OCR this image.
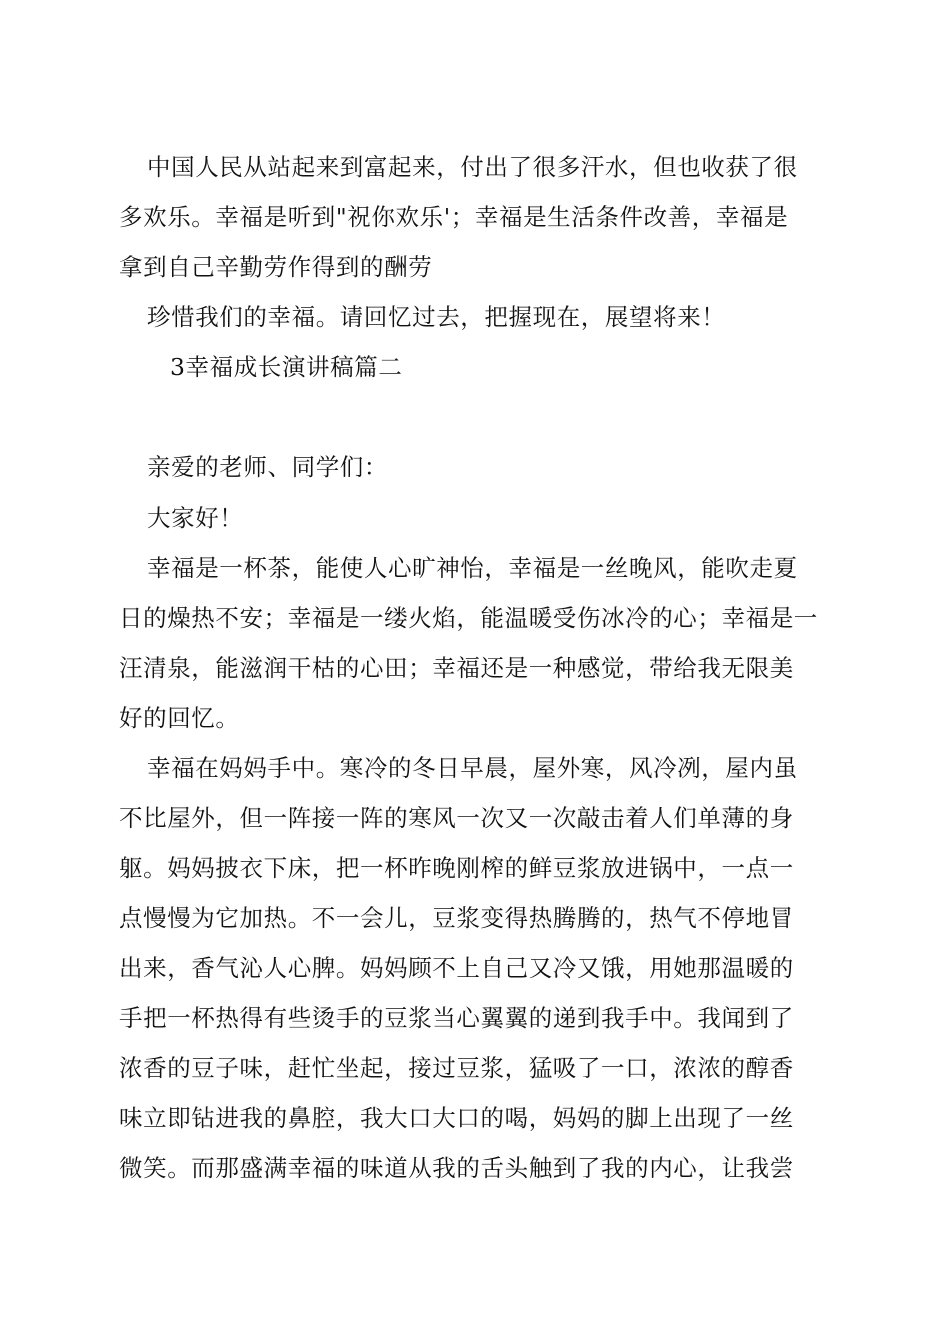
中国人民从站起来到富起来，付出了很多汗水，但也收获了很
多欢乐。幸福是听到"祝你欢乐'；幸福是生活条件改善，幸福是
拿到自己辛勤劳作得到的酬劳
珍惜我们的幸福。请回忆过去，把握现在，展望将来！
3幸福成长演讲稿篇二
亲爱的老师、同学们：
大家好！
幸福是一杯茶，能使人心旷神怡，幸福是一丝晚风，能吹走夏
日的燥热不安；幸福是一缕火焰，能温暖受伤冰冷的心；幸福是一
汪清泉，能滋润干枯的心田；幸福还是一种感觉，带给我无限美
好的回忆。
幸福在妈妈手中。寒冷的冬日早晨，屋外寒，风冷冽，屋内虽
不比屋外，但一阵接一阵的寒风一次又一次敲击着人们单薄的身
躯。妈妈披衣下床，把一杯昨晚刚榨的鲜豆浆放进锅中，一点一
点慢慢为它加热。不一会儿，豆浆变得热腾腾的，热气不停地冒
出来，香气沁人心脾。妈妈顾不上自己又冷又饿，用她那温暖的
手把一杯热得有些烫手的豆浆当心翼翼的递到我手中。我闻到了
浓香的豆子味，赶忙坐起，接过豆浆，猛吸了一口，浓浓的醇香
味立即钻进我的鼻腔，我大口大口的喝，妈妈的脚上出现了一丝
微笑。而那盛满幸福的味道从我的舌头触到了我的内心，让我尝
